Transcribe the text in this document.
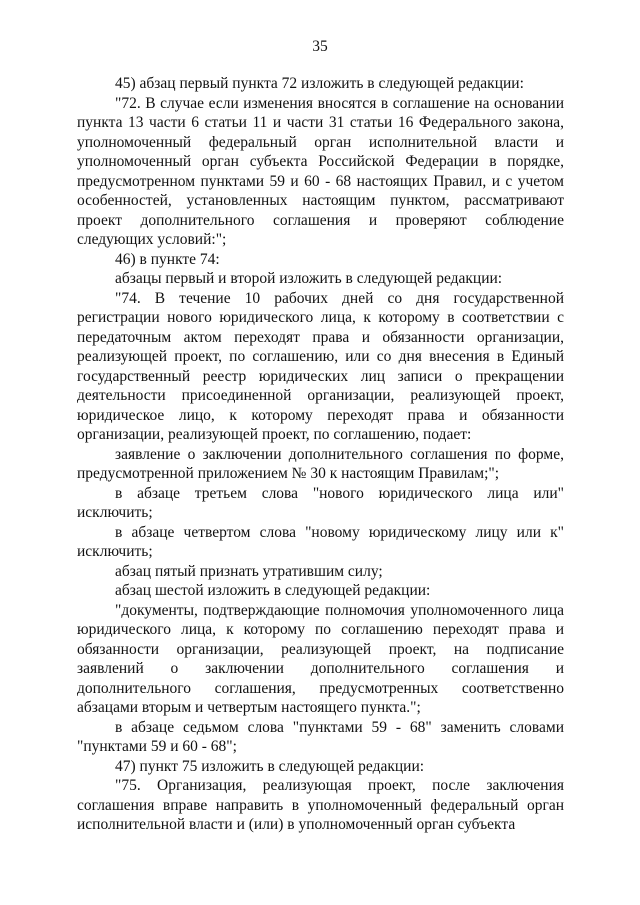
35

45) абзац первый пункта 72 изложить в следующей редакции:

"72. В случае если изменения вносятся в соглашение на основании пункта 13 части 6 статьи 11 и части 31 статьи 16 Федерального закона, уполномоченный федеральный орган исполнительной власти и уполномоченный орган субъекта Российской Федерации в порядке, предусмотренном пунктами 59 и 60 - 68 настоящих Правил, и с учетом особенностей, установленных настоящим пунктом, рассматривают проект дополнительного соглашения и проверяют соблюдение следующих условий:";

46) в пункте 74:

абзацы первый и второй изложить в следующей редакции:

"74. В течение 10 рабочих дней со дня государственной регистрации нового юридического лица, к которому в соответствии с передаточным актом переходят права и обязанности организации, реализующей проект, по соглашению, или со дня внесения в Единый государственный реестр юридических лиц записи о прекращении деятельности присоединенной организации, реализующей проект, юридическое лицо, к которому переходят права и обязанности организации, реализующей проект, по соглашению, подает:

заявление о заключении дополнительного соглашения по форме, предусмотренной приложением № 30 к настоящим Правилам;";

в абзаце третьем слова "нового юридического лица или" исключить;

в абзаце четвертом слова "новому юридическому лицу или к" исключить;

абзац пятый признать утратившим силу;

абзац шестой изложить в следующей редакции:

"документы, подтверждающие полномочия уполномоченного лица юридического лица, к которому по соглашению переходят права и обязанности организации, реализующей проект, на подписание заявлений о заключении дополнительного соглашения и дополнительного соглашения, предусмотренных соответственно абзацами вторым и четвертым настоящего пункта.";

в абзаце седьмом слова "пунктами 59 - 68" заменить словами "пунктами 59 и 60 - 68";

47) пункт 75 изложить в следующей редакции:

"75. Организация, реализующая проект, после заключения соглашения вправе направить в уполномоченный федеральный орган исполнительной власти и (или) в уполномоченный орган субъекта
